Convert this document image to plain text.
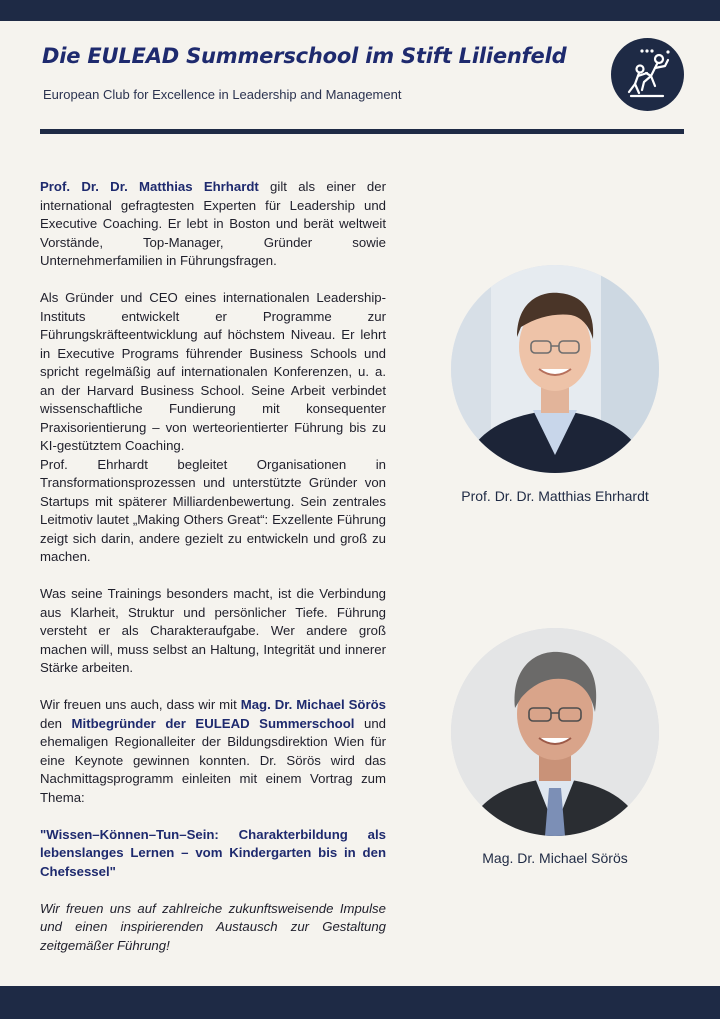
Die EULEAD Summerschool im Stift Lilienfeld
European Club for Excellence in Leadership and Management

Prof. Dr. Dr. Matthias Ehrhardt gilt als einer der international gefragtesten Experten für Leadership und Executive Coaching. Er lebt in Boston und berät weltweit Vorstände, Top-Manager, Gründer sowie Unternehmerfamilien in Führungsfragen.

Als Gründer und CEO eines internationalen Leadership-Instituts entwickelt er Programme zur Führungskräfteentwicklung auf höchstem Niveau. Er lehrt in Executive Programs führender Business Schools und spricht regelmäßig auf internationalen Konferenzen, u. a. an der Harvard Business School. Seine Arbeit verbindet wissenschaftliche Fundierung mit konsequenter Praxisorientierung – von werteorientierter Führung bis zu KI-gestütztem Coaching.

Prof. Ehrhardt begleitet Organisationen in Transformationsprozessen und unterstützte Gründer von Startups mit späterer Milliardenbewertung. Sein zentrales Leitmotiv lautet „Making Others Great“: Exzellente Führung zeigt sich darin, andere gezielt zu entwickeln und groß zu machen.

Was seine Trainings besonders macht, ist die Verbindung aus Klarheit, Struktur und persönlicher Tiefe. Führung versteht er als Charakteraufgabe. Wer andere groß machen will, muss selbst an Haltung, Integrität und innerer Stärke arbeiten.

Wir freuen uns auch, dass wir mit Mag. Dr. Michael Sörös den Mitbegründer der EULEAD Summerschool und ehemaligen Regionalleiter der Bildungsdirektion Wien für eine Keynote gewinnen konnten. Dr. Sörös wird das Nachmittagsprogramm einleiten mit einem Vortrag zum Thema:

"Wissen–Können–Tun–Sein: Charakterbildung als lebenslanges Lernen – vom Kindergarten bis in den Chefsessel"

Wir freuen uns auf zahlreiche zukunftsweisende Impulse und einen inspirierenden Austausch zur Gestaltung zeitgemäßer Führung!

Prof. Dr. Dr. Matthias Ehrhardt
Mag. Dr. Michael Sörös
